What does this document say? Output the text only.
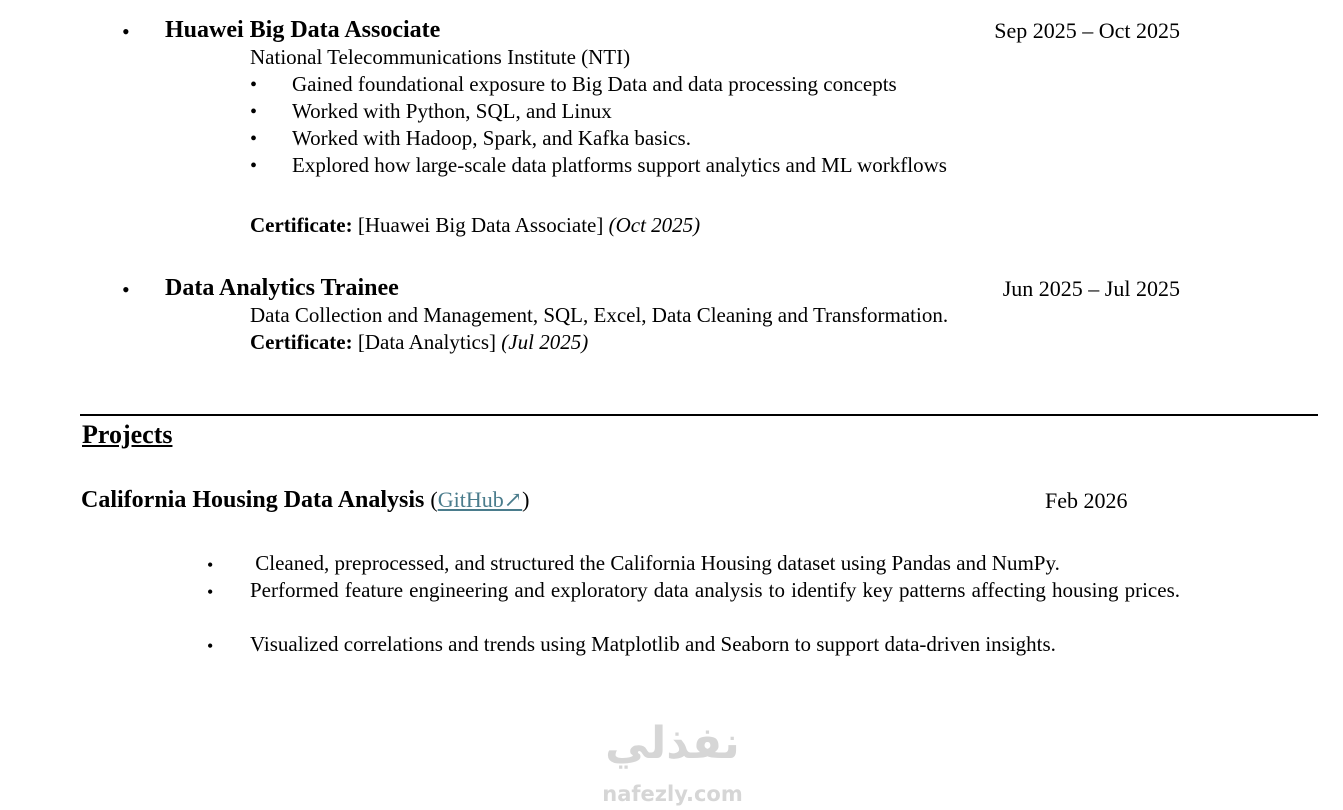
• Huawei Big Data Associate	Sep 2025 – Oct 2025
National Telecommunications Institute (NTI)
• Gained foundational exposure to Big Data and data processing concepts
• Worked with Python, SQL, and Linux
• Worked with Hadoop, Spark, and Kafka basics.
• Explored how large-scale data platforms support analytics and ML workflows
Certificate: [Huawei Big Data Associate] (Oct 2025)
• Data Analytics Trainee	Jun 2025 – Jul 2025
Data Collection and Management, SQL, Excel, Data Cleaning and Transformation.
Certificate: [Data Analytics] (Jul 2025)
Projects
California Housing Data Analysis (GitHub↗)	Feb 2026
• Cleaned, preprocessed, and structured the California Housing dataset using Pandas and NumPy.
• Performed feature engineering and exploratory data analysis to identify key patterns affecting housing prices.
• Visualized correlations and trends using Matplotlib and Seaborn to support data-driven insights.
نفذلي
nafezly.com
